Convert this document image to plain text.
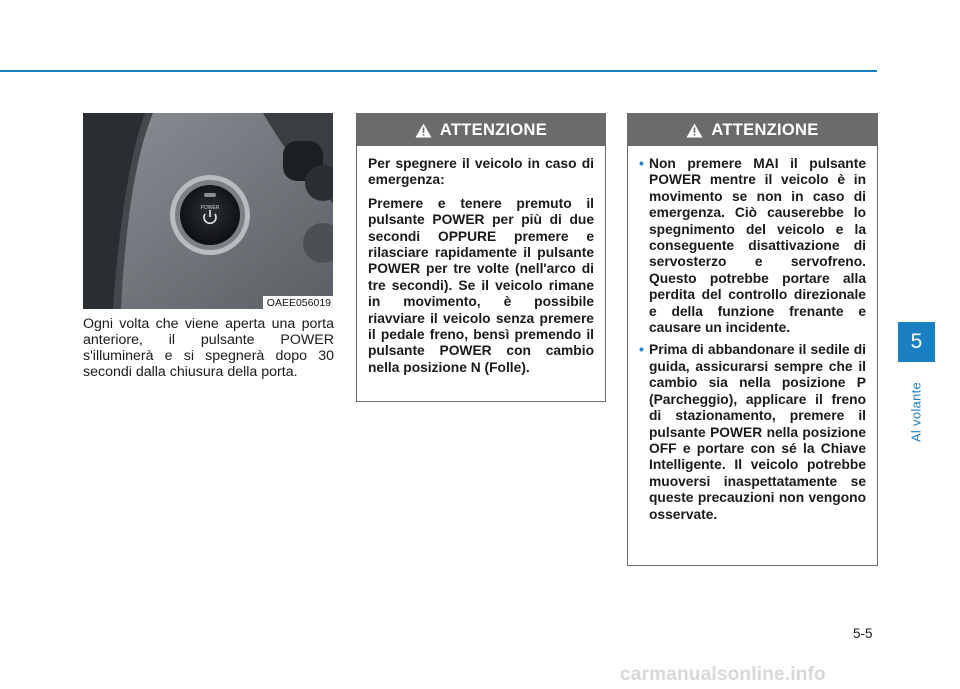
POWER
OAEE056019

Ogni volta che viene aperta una porta anteriore, il pulsante POWER s'illuminerà e si spegnerà dopo 30 secondi dalla chiusura della porta.

ATTENZIONE

Per spegnere il veicolo in caso di emergenza:

Premere e tenere premuto il pulsante POWER per più di due secondi OPPURE premere e rilasciare rapidamente il pulsante POWER per tre volte (nell'arco di tre secondi). Se il veicolo rimane in movimento, è possibile riavviare il veicolo senza premere il pedale freno, bensì premendo il pulsante POWER con cambio nella posizione N (Folle).

ATTENZIONE
• Non premere MAI il pulsante POWER mentre il veicolo è in movimento se non in caso di emergenza. Ciò causerebbe lo spegnimento del veicolo e la conseguente disattivazione di servosterzo e servofreno. Questo potrebbe portare alla perdita del controllo direzionale e della funzione frenante e causare un incidente.
• Prima di abbandonare il sedile di guida, assicurarsi sempre che il cambio sia nella posizione P (Parcheggio), applicare il freno di stazionamento, premere il pulsante POWER nella posizione OFF e portare con sé la Chiave Intelligente. Il veicolo potrebbe muoversi inaspettatamente se queste precauzioni non vengono osservate.
5
Al volante
5-5
carmanualsonline.info
